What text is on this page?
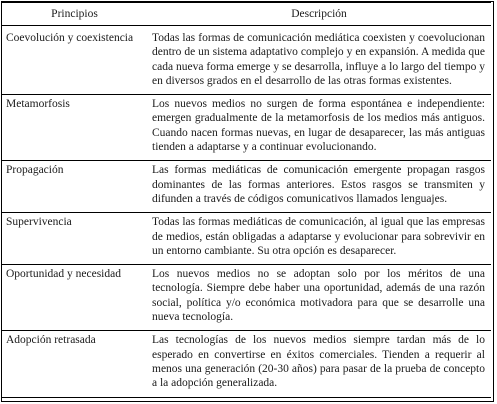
Principios	Descripción
Coevolución y coexistencia	Todas las formas de comunicación mediática coexisten y coevolucionan dentro de un sistema adaptativo complejo y en expansión. A medida que cada nueva forma emerge y se desarrolla, influye a lo largo del tiempo y en diversos grados en el desarrollo de las otras formas existentes.
Metamorfosis	Los nuevos medios no surgen de forma espontánea e independiente: emergen gradualmente de la metamorfosis de los medios más antiguos. Cuando nacen formas nuevas, en lugar de desaparecer, las más antiguas tienden a adaptarse y a continuar evolucionando.
Propagación	Las formas mediáticas de comunicación emergente propagan rasgos dominantes de las formas anteriores. Estos rasgos se transmiten y difunden a través de códigos comunicativos llamados lenguajes.
Supervivencia	Todas las formas mediáticas de comunicación, al igual que las empresas de medios, están obligadas a adaptarse y evolucionar para sobrevivir en un entorno cambiante. Su otra opción es desaparecer.
Oportunidad y necesidad	Los nuevos medios no se adoptan solo por los méritos de una tecnología. Siempre debe haber una oportunidad, además de una razón social, política y/o económica motivadora para que se desarrolle una nueva tecnología.
Adopción retrasada	Las tecnologías de los nuevos medios siempre tardan más de lo esperado en convertirse en éxitos comerciales. Tienden a requerir al menos una generación (20-30 años) para pasar de la prueba de concepto a la adopción generalizada.
